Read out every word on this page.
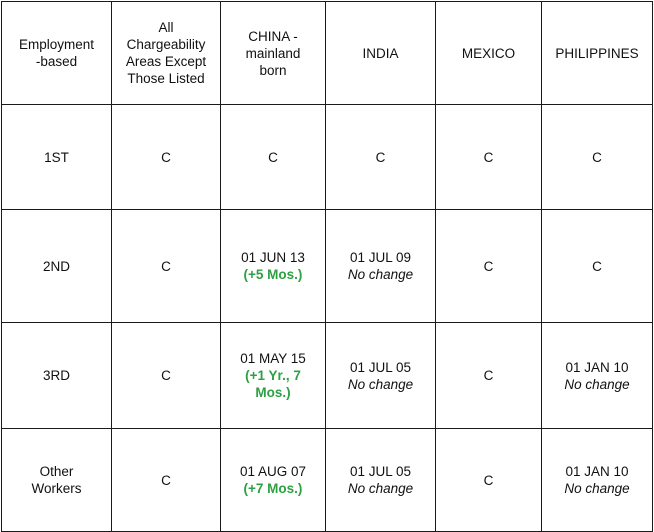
Employment
-based	All
Chargeability
Areas Except
Those Listed	CHINA -
mainland
born	INDIA	MEXICO	PHILIPPINES

1ST	C	C	C	C	C

2ND	C	01 JUN 13
(+5 Mos.)	01 JUL 09
No change	C	C

3RD	C	01 MAY 15
(+1 Yr., 7
Mos.)	01 JUL 05
No change	C	01 JAN 10
No change

Other
Workers	C	01 AUG 07
(+7 Mos.)	01 JUL 05
No change	C	01 JAN 10
No change
